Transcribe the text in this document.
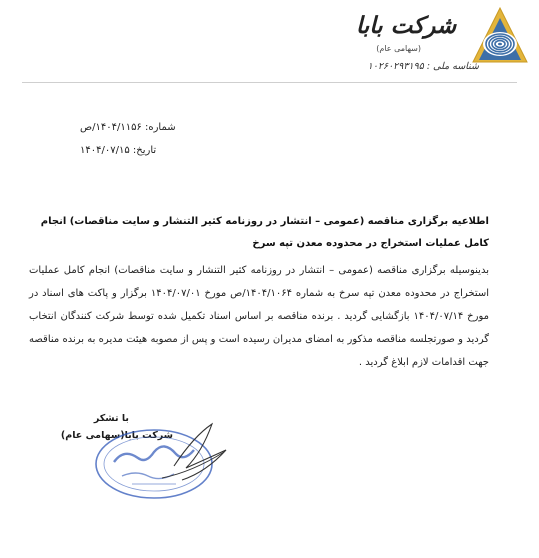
شرکت بابا
(سهامی عام)
شناسه ملی : ۱۰۲۶۰۲۹۳۱۹۵
شماره: ۱۴۰۴/۱۱۵۶/ص
تاریخ: ۱۴۰۴/۰۷/۱۵
اطلاعیه برگزاری مناقصه (عمومی – انتشار در روزنامه کثیر التنشار و سایت مناقصات) انجام کامل عملیات استخراج در محدوده معدن تپه سرخ
بدینوسیله برگزاری مناقصه (عمومی – انتشار در روزنامه کثیر التنشار و سایت مناقصات) انجام کامل عملیات استخراج در محدوده معدن تپه سرخ به شماره ۱۴۰۴/۱۰۶۴/ص مورخ ۱۴۰۴/۰۷/۰۱ برگزار و پاکت های اسناد در مورخ ۱۴۰۴/۰۷/۱۴ بازگشایی گردید . برنده مناقصه بر اساس اسناد تکمیل شده توسط شرکت کنندگان انتخاب گردید و صورتجلسه مناقصه مذکور به امضای مدیران رسیده است و پس از مصوبه هیئت مدیره به برنده مناقصه جهت اقدامات لازم ابلاغ گردید .
با تشکر
شرکت بابا(سهامی عام)
